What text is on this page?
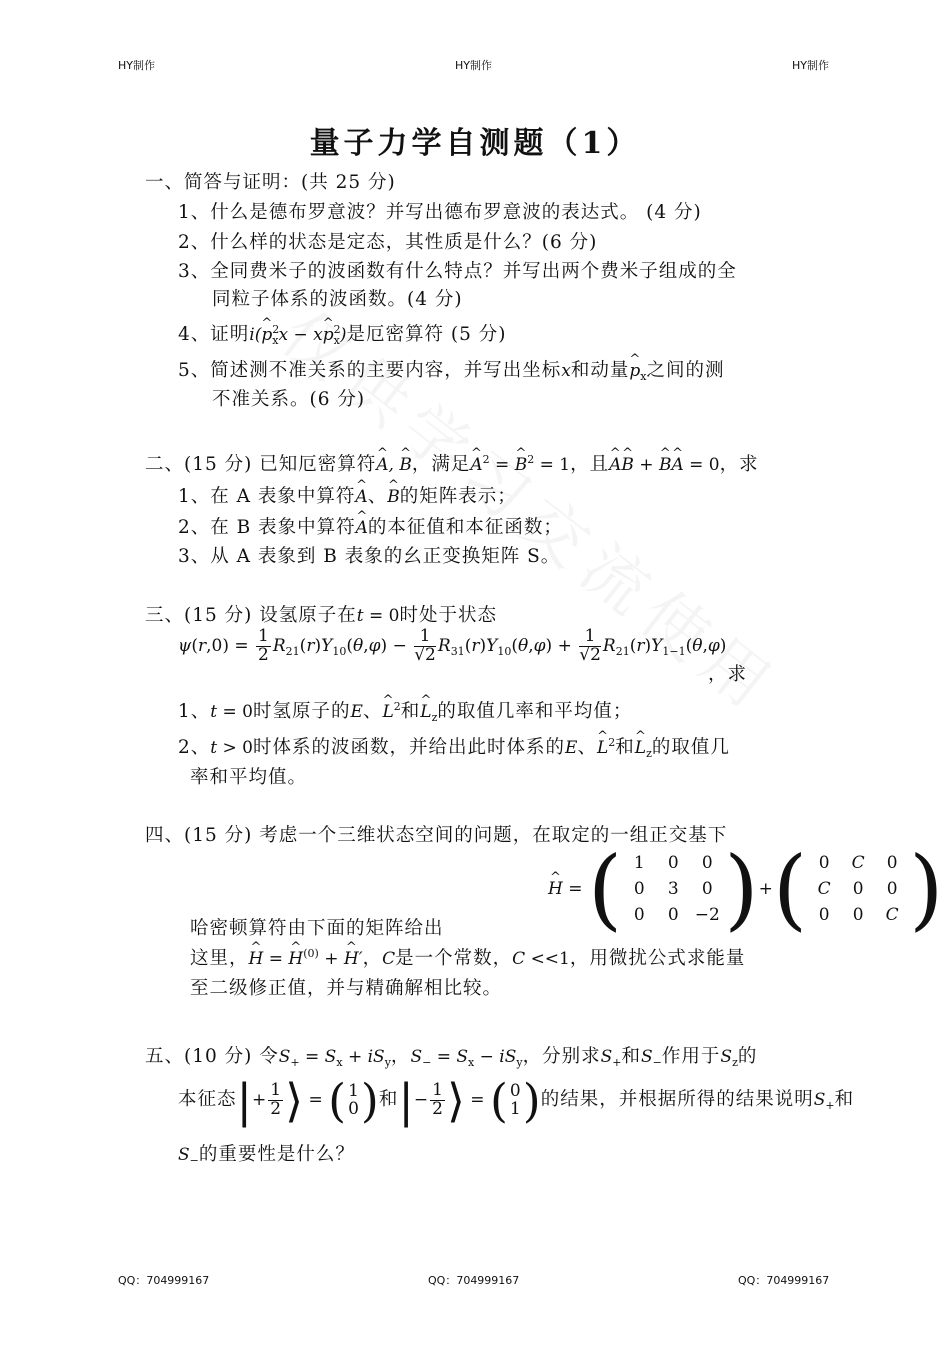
HY制作	HY制作	HY制作
量子力学自测题（1）
一、简答与证明：(共 25 分)
1、什么是德布罗意波？并写出德布罗意波的表达式。 (4 分)
2、什么样的状态是定态，其性质是什么？(6 分)
3、全同费米子的波函数有什么特点？并写出两个费米子组成的全
同粒子体系的波函数。(4 分)
4、证明i(^ $p^2_xx$ − x^ $p^2_x$)是厄密算符 (5 分)
5、简述测不准关系的主要内容，并写出坐标x和动量^ $p_x$之间的测
不准关系。(6 分)
二、(15 分) 已知厄密算符^ A, ^ B，满足^ $A^2$ = ^ $B^2 = 1$，且^ A^ B + ^ B^ A = 0，求
1、在 A 表象中算符^ A、^ B的矩阵表示；
2、在 B 表象中算符^ A的本征值和本征函数；
3、从 A 表象到 B 表象的幺正变换矩阵 S。
三、(15 分) 设氢原子在t = 0时处于状态
$\psi(r,0) = \frac{1}{2} R_{21}(r)Y_{10}(\theta,\varphi) - \frac{1}{√2} R_{31}(r)Y_{10}(\theta,\varphi) + \frac{1}{√2} R_{21}(r)Y_{1-1}(\theta,\varphi)$
，求
1、t = 0时氢原子的E、^ $L^2$和^ $L_z$的取值几率和平均值；
2、t > 0时体系的波函数，并给出此时体系的E、^ $L^2$和^ $L_z$的取值几
率和平均值。
四、(15 分) 考虑一个三维状态空间的问题，在取定的一组正交基下
^ H = ( 1	0	0
0	3	0
0	0	−2 )+( 0	C	0
C	0	0
0	0	C )
哈密顿算符由下面的矩阵给出
这里，^ H = ^ $H^{(0)}$ + ^ H′，C是一个常数，C <<1，用微扰公式求能量
至二级修正值，并与精确解相比较。
五、(10 分) 令$S_+ = S_x + iS_y$，$S_- = S_x - iS_y$，分别求$S_+$和$S_-$作用于$S_z$的
本征态|+ $\frac{1}{2}$ ⟩ = ( 1
0 )和|− $\frac{1}{2}$ ⟩ = ( 0
1 )的结果，并根据所得的结果说明$S_+$和
$S_-$的重要性是什么？
QQ：704999167	QQ：704999167	QQ：704999167
